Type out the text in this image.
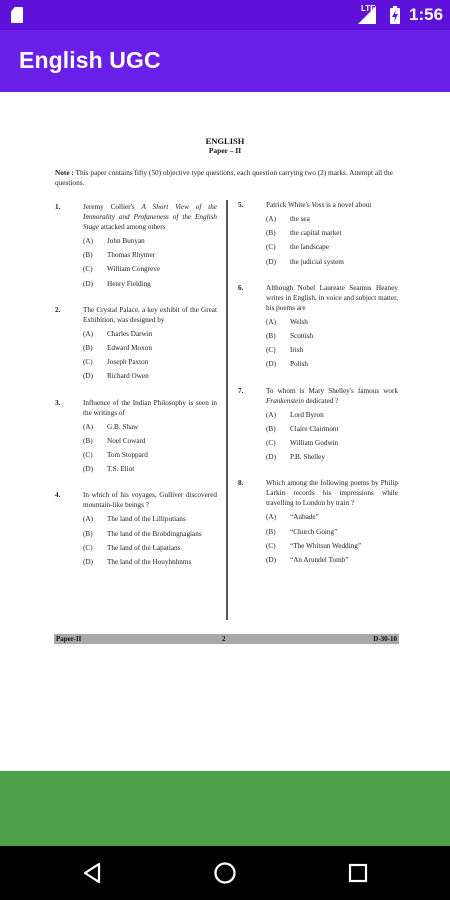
LTE 1:56
English UGC
ENGLISH
Paper – II
Note : This paper contains fifty (50) objective type questions, each question carrying two (2) marks. Attempt all the questions.
1.	Jeremy Collier's A Short View of the Immorality and Profaneness of the English Stage attacked among others
(A)	John Bunyan
(B)	Thomas Rhymer
(C)	William Congreve
(D)	Henry Fielding
2.	The Crystal Palace, a key exhibit of the Great Exhibition, was designed by
(A)	Charles Darwin
(B)	Edward Moxon
(C)	Joseph Paxton
(D)	Richard Owen
3.	Influence of the Indian Philosophy is seen in the writings of
(A)	G.B. Shaw
(B)	Noel Coward
(C)	Tom Stoppard
(D)	T.S. Eliot
4.	In which of his voyages, Gulliver discovered mountain-like beings ?
(A)	The land of the Lilliputians
(B)	The land of the Brobdingnagians
(C)	The land of the Lapatians
(D)	The land of the Houyhnhnms
5.	Patrick White's Voss is a novel about
(A)	the sea
(B)	the capital market
(C)	the landscape
(D)	the judicial system
6.	Although Nobel Laureate Seamus Heaney writes in English, in voice and subject matter, his poems are
(A)	Welsh
(B)	Scottish
(C)	Irish
(D)	Polish
7.	To whom is Mary Shelley's famous work Frankenstein dedicated ?
(A)	Lord Byron
(B)	Claire Clairmont
(C)	William Godwin
(D)	P.B. Shelley
8.	Which among the following poems by Philip Larkin records his impressions while travelling to London by train ?
(A)	“Aubade”
(B)	“Church Going”
(C)	“The Whitsun Wedding”
(D)	“An Arundel Tomb”
Paper-II	2	D-30-10
